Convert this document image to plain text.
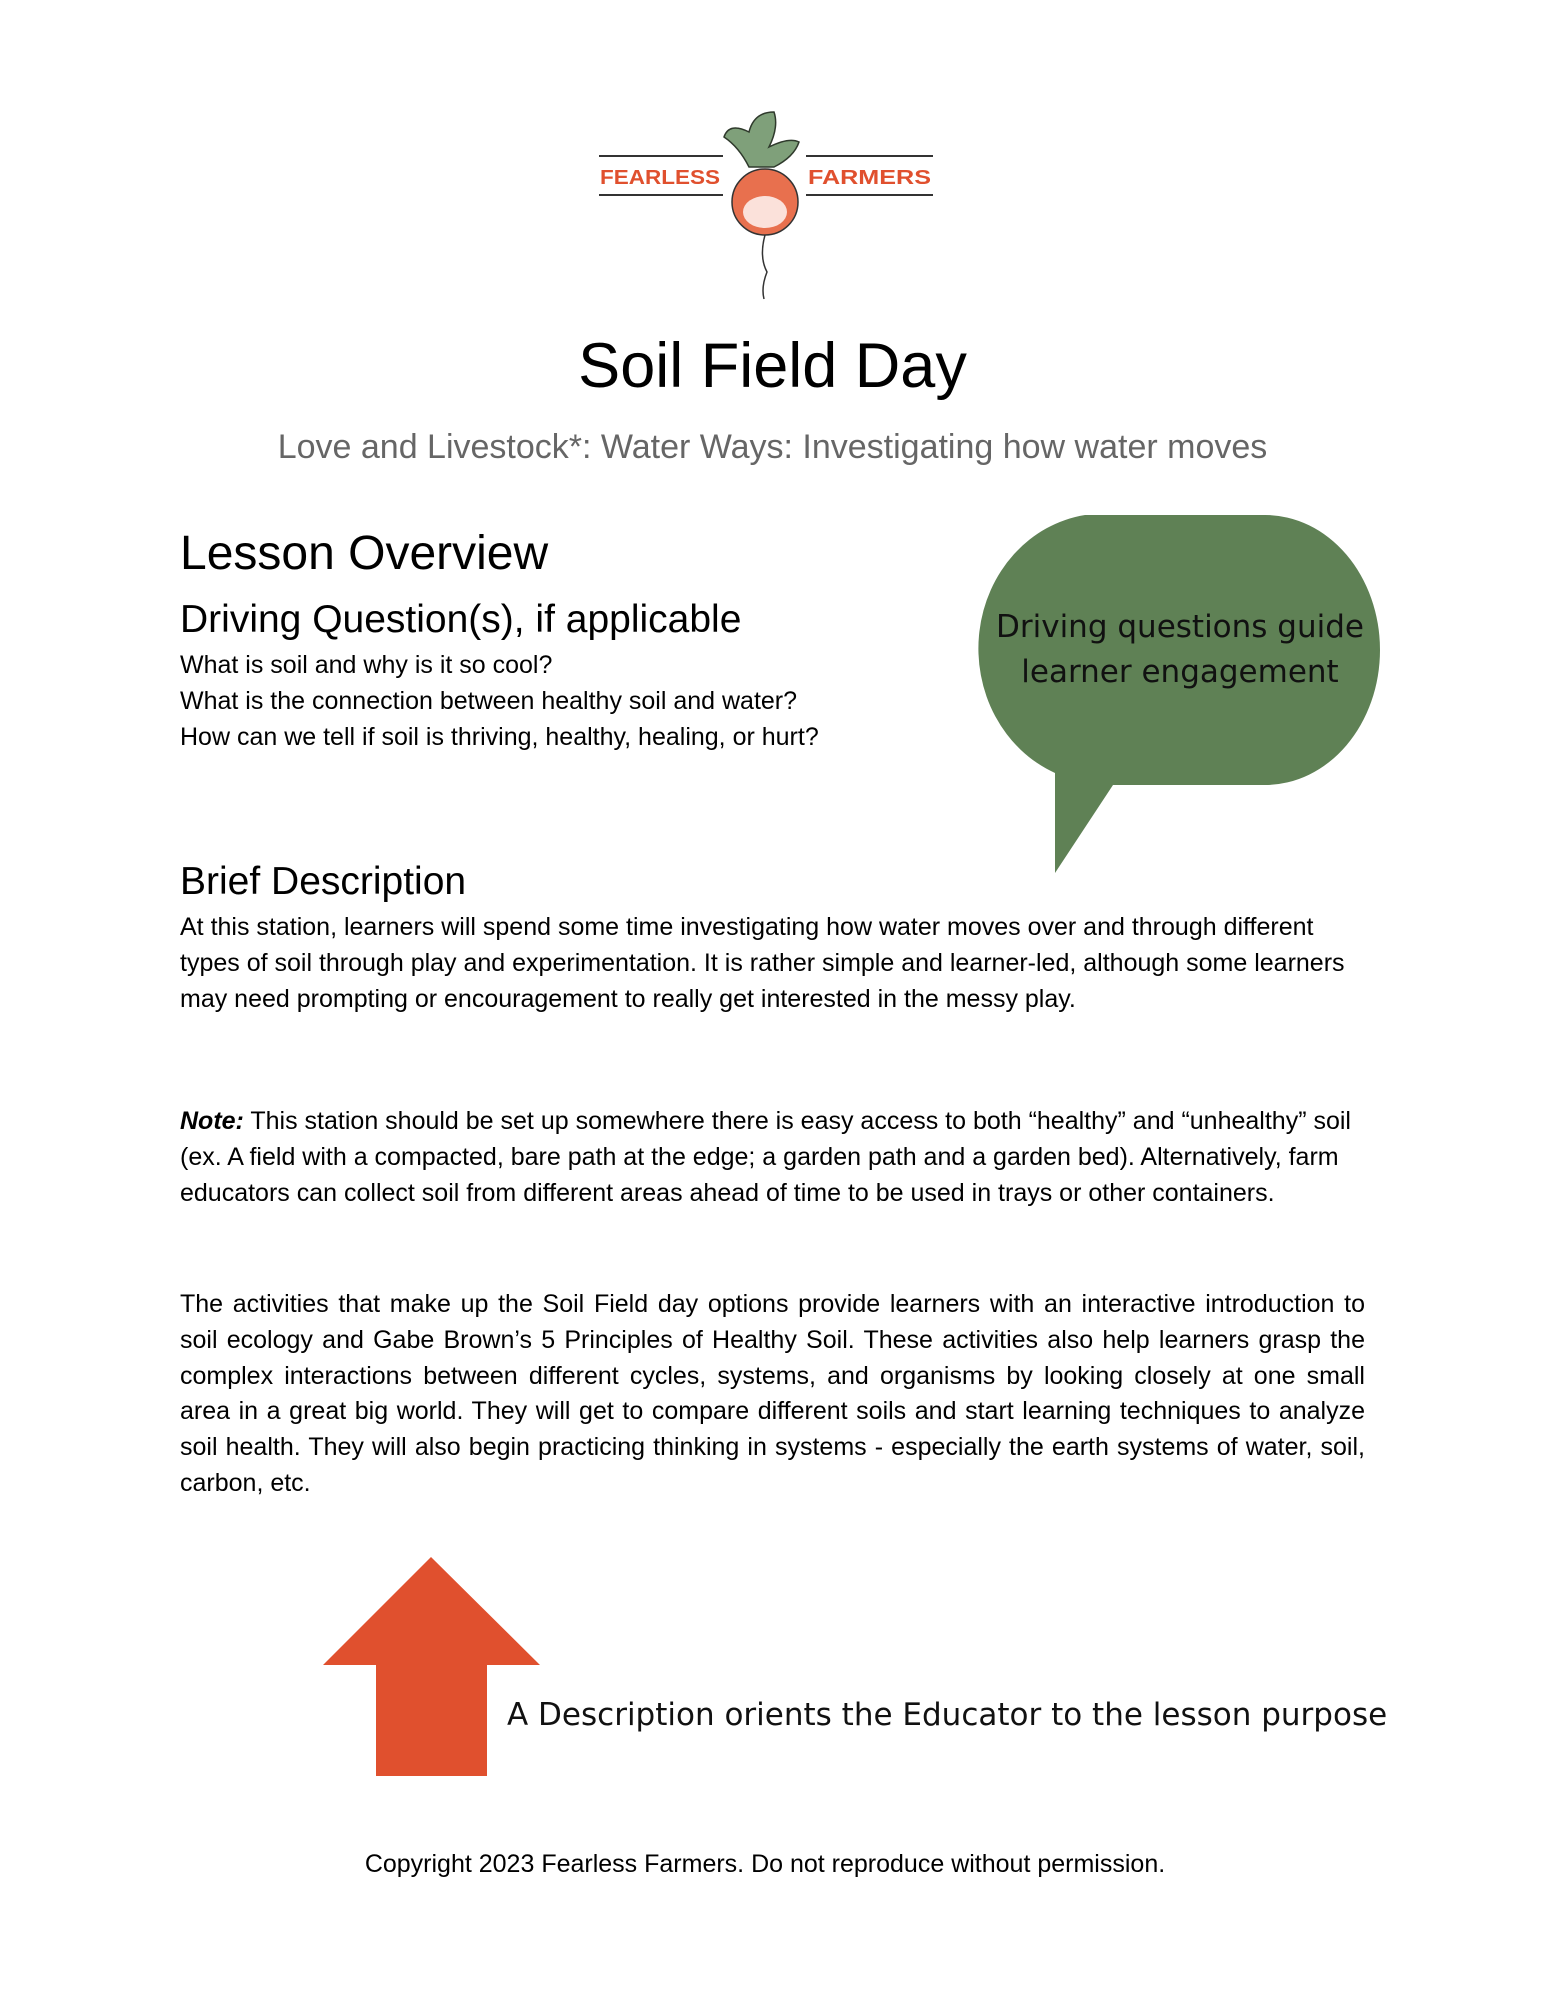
FEARLESS	FARMERS
Soil Field Day
Love and Livestock*: Water Ways: Investigating how water moves
Lesson Overview
Driving Question(s), if applicable
What is soil and why is it so cool?
What is the connection between healthy soil and water?
How can we tell if soil is thriving, healthy, healing, or hurt?
Driving questions guide learner engagement
Brief Description
At this station, learners will spend some time investigating how water moves over and through different types of soil through play and experimentation. It is rather simple and learner-led, although some learners may need prompting or encouragement to really get interested in the messy play.
Note: This station should be set up somewhere there is easy access to both “healthy” and “unhealthy” soil (ex. A field with a compacted, bare path at the edge; a garden path and a garden bed). Alternatively, farm educators can collect soil from different areas ahead of time to be used in trays or other containers.
The activities that make up the Soil Field day options provide learners with an interactive introduction to soil ecology and Gabe Brown’s 5 Principles of Healthy Soil. These activities also help learners grasp the complex interactions between different cycles, systems, and organisms by looking closely at one small area in a great big world. They will get to compare different soils and start learning techniques to analyze soil health. They will also begin practicing thinking in systems - especially the earth systems of water, soil, carbon, etc.
A Description orients the Educator to the lesson purpose
Copyright 2023 Fearless Farmers. Do not reproduce without permission.
